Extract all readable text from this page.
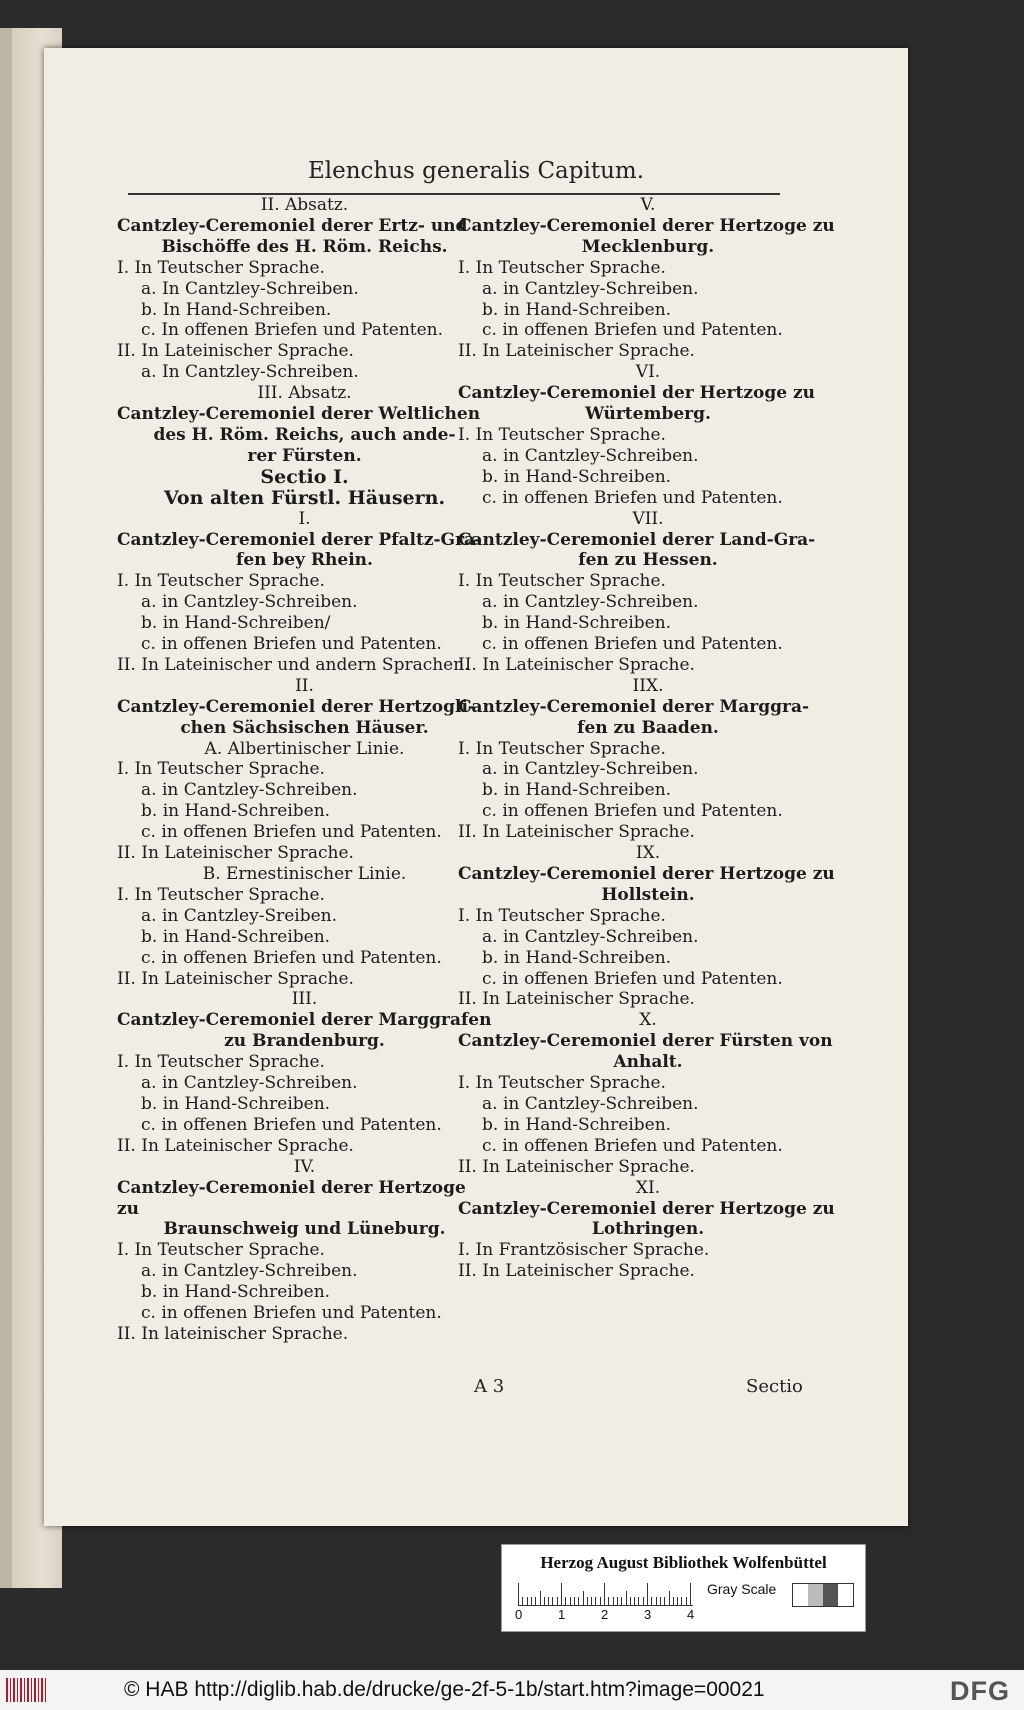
Elenchus generalis Capitum.
II. Absatz.
Cantzley-Ceremoniel derer Ertz- und
Bischöffe des H. Röm. Reichs.
I. In Teutscher Sprache.
a. In Cantzley-Schreiben.
b. In Hand-Schreiben.
c. In offenen Briefen und Patenten.
II. In Lateinischer Sprache.
a. In Cantzley-Schreiben.
III. Absatz.
Cantzley-Ceremoniel derer Weltlichen
des H. Röm. Reichs, auch ande-
rer Fürsten.
Sectio I.
Von alten Fürstl. Häusern.
I.
Cantzley-Ceremoniel derer Pfaltz-Gra-
fen bey Rhein.
I. In Teutscher Sprache.
a. in Cantzley-Schreiben.
b. in Hand-Schreiben/
c. in offenen Briefen und Patenten.
II. In Lateinischer und andern Sprachen.
II.
Cantzley-Ceremoniel derer Hertzogli-
chen Sächsischen Häuser.
A. Albertinischer Linie.
I. In Teutscher Sprache.
a. in Cantzley-Schreiben.
b. in Hand-Schreiben.
c. in offenen Briefen und Patenten.
II. In Lateinischer Sprache.
B. Ernestinischer Linie.
I. In Teutscher Sprache.
a. in Cantzley-Sreiben.
b. in Hand-Schreiben.
c. in offenen Briefen und Patenten.
II. In Lateinischer Sprache.
III.
Cantzley-Ceremoniel derer Marggrafen
zu Brandenburg.
I. In Teutscher Sprache.
a. in Cantzley-Schreiben.
b. in Hand-Schreiben.
c. in offenen Briefen und Patenten.
II. In Lateinischer Sprache.
IV.
Cantzley-Ceremoniel derer Hertzoge zu
Braunschweig und Lüneburg.
I. In Teutscher Sprache.
a. in Cantzley-Schreiben.
b. in Hand-Schreiben.
c. in offenen Briefen und Patenten.
II. In lateinischer Sprache.
V.
Cantzley-Ceremoniel derer Hertzoge zu
Mecklenburg.
I. In Teutscher Sprache.
a. in Cantzley-Schreiben.
b. in Hand-Schreiben.
c. in offenen Briefen und Patenten.
II. In Lateinischer Sprache.
VI.
Cantzley-Ceremoniel der Hertzoge zu
Würtemberg.
I. In Teutscher Sprache.
a. in Cantzley-Schreiben.
b. in Hand-Schreiben.
c. in offenen Briefen und Patenten.
VII.
Cantzley-Ceremoniel derer Land-Gra-
fen zu Hessen.
I. In Teutscher Sprache.
a. in Cantzley-Schreiben.
b. in Hand-Schreiben.
c. in offenen Briefen und Patenten.
II. In Lateinischer Sprache.
IIX.
Cantzley-Ceremoniel derer Marggra-
fen zu Baaden.
I. In Teutscher Sprache.
a. in Cantzley-Schreiben.
b. in Hand-Schreiben.
c. in offenen Briefen und Patenten.
II. In Lateinischer Sprache.
IX.
Cantzley-Ceremoniel derer Hertzoge zu
Hollstein.
I. In Teutscher Sprache.
a. in Cantzley-Schreiben.
b. in Hand-Schreiben.
c. in offenen Briefen und Patenten.
II. In Lateinischer Sprache.
X.
Cantzley-Ceremoniel derer Fürsten von
Anhalt.
I. In Teutscher Sprache.
a. in Cantzley-Schreiben.
b. in Hand-Schreiben.
c. in offenen Briefen und Patenten.
II. In Lateinischer Sprache.
XI.
Cantzley-Ceremoniel derer Hertzoge zu
Lothringen.
I. In Frantzösischer Sprache.
II. In Lateinischer Sprache.
A 3	Sectio
Herzog August Bibliothek Wolfenbüttel
0	1	2	3	4
Gray Scale
© HAB http://diglib.hab.de/drucke/ge-2f-5-1b/start.htm?image=00021	DFG
